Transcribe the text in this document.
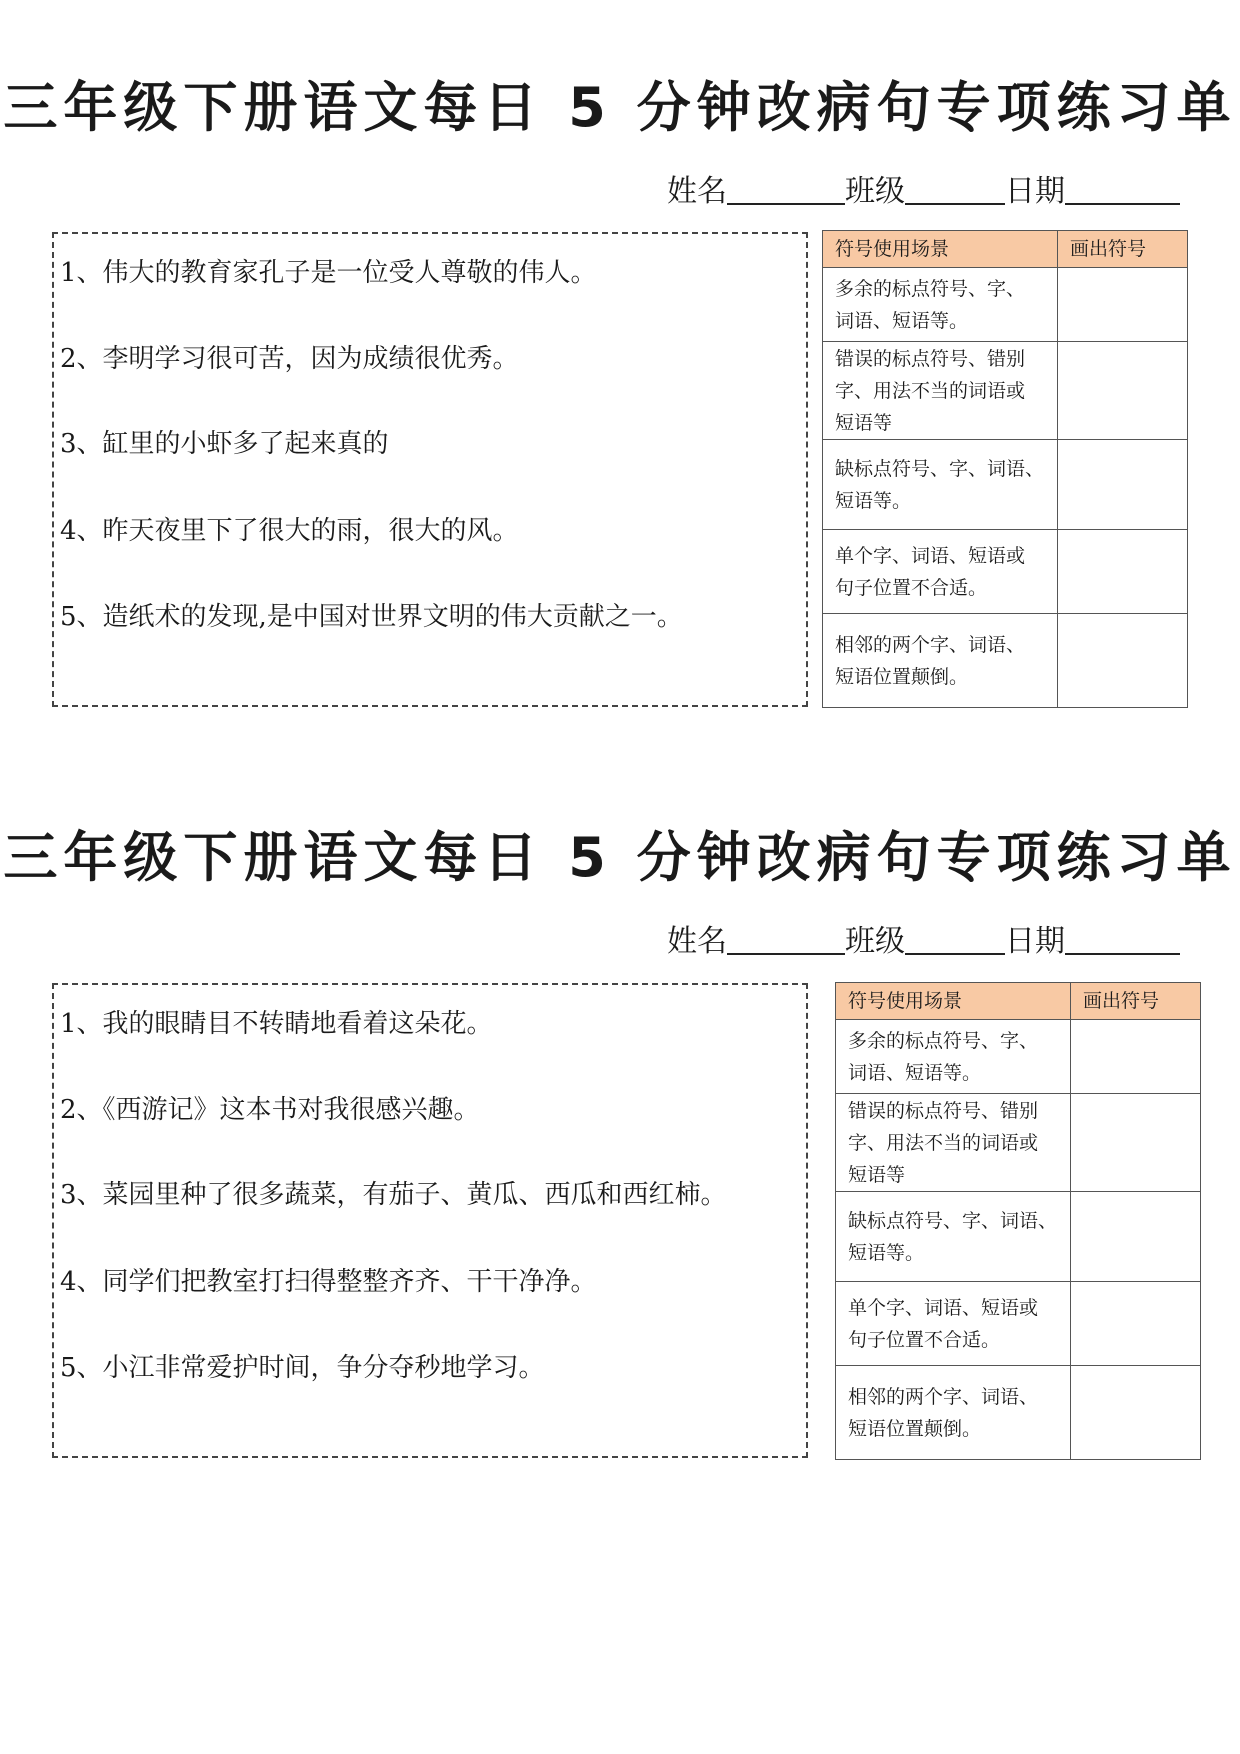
三年级下册语文每日 5 分钟改病句专项练习单
姓名	班级	日期
1、伟大的教育家孔子是一位受人尊敬的伟人。
2、李明学习很可苦，因为成绩很优秀。
3、缸里的小虾多了起来真的
4、昨天夜里下了很大的雨，很大的风。
5、造纸术的发现,是中国对世界文明的伟大贡献之一。
符号使用场景	画出符号
多余的标点符号、字、
词语、短语等。	
错误的标点符号、错别
字、用法不当的词语或
短语等	
缺标点符号、字、词语、
短语等。	
单个字、词语、短语或
句子位置不合适。	
相邻的两个字、词语、
短语位置颠倒。	
三年级下册语文每日 5 分钟改病句专项练习单
姓名	班级	日期
1、我的眼睛目不转睛地看着这朵花。
2、《西游记》这本书对我很感兴趣。
3、菜园里种了很多蔬菜，有茄子、黄瓜、西瓜和西红柿。
4、同学们把教室打扫得整整齐齐、干干净净。
5、小江非常爱护时间，争分夺秒地学习。
符号使用场景	画出符号
多余的标点符号、字、
词语、短语等。	
错误的标点符号、错别
字、用法不当的词语或
短语等	
缺标点符号、字、词语、
短语等。	
单个字、词语、短语或
句子位置不合适。	
相邻的两个字、词语、
短语位置颠倒。	
